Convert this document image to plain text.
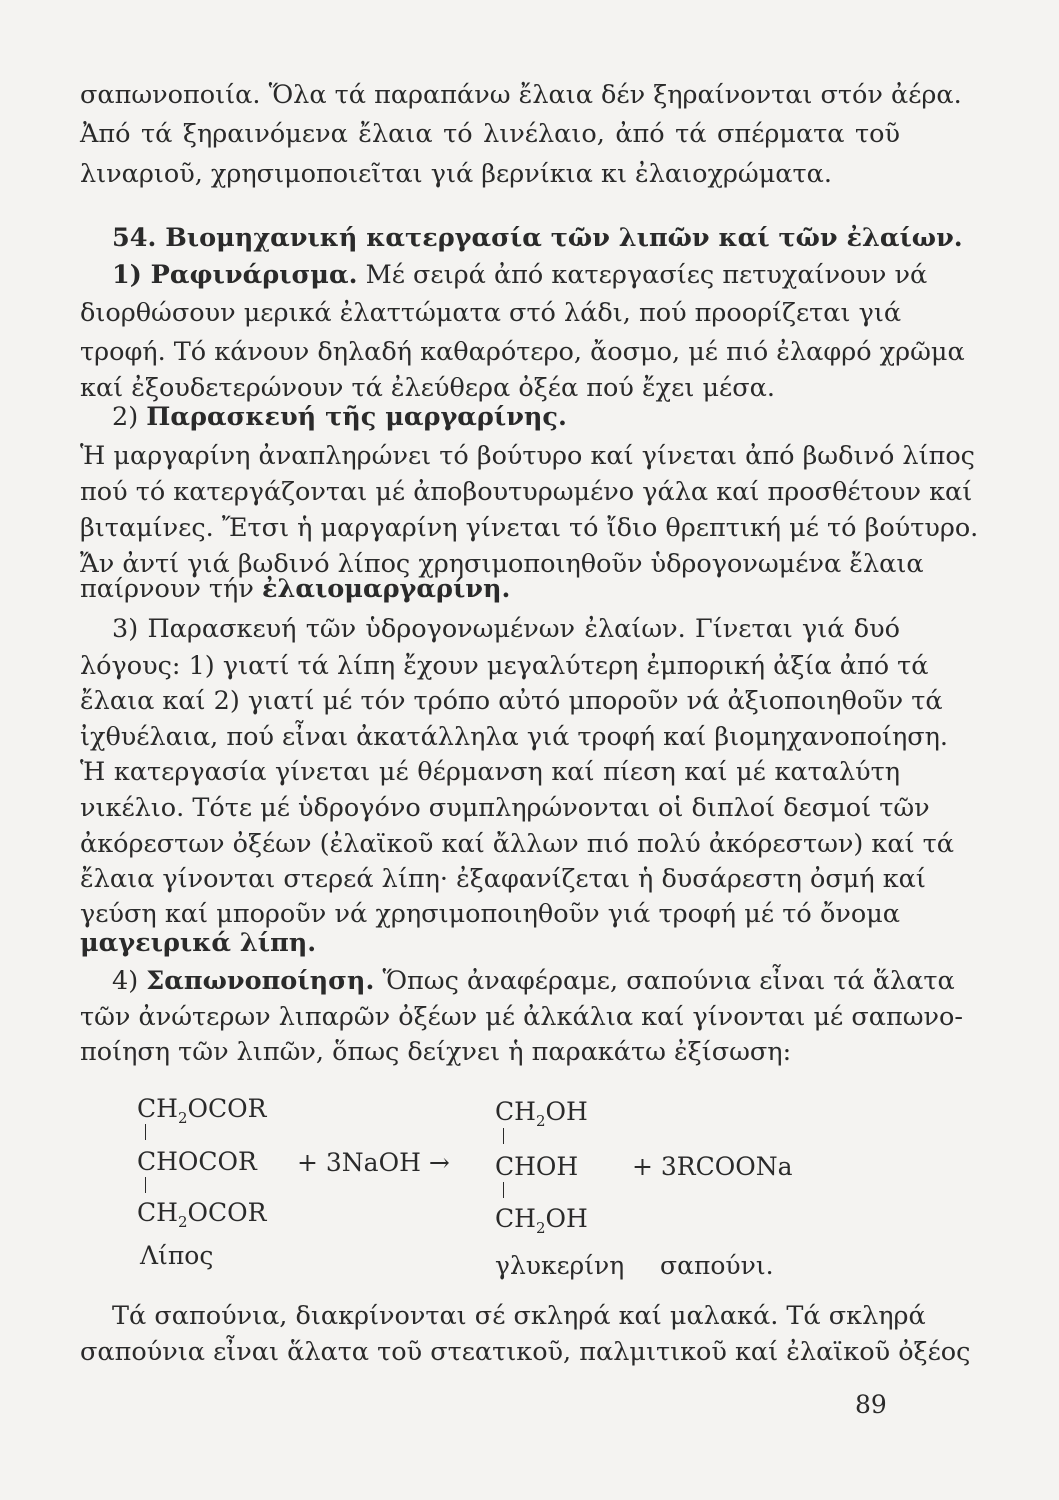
σαπωνοποιία. Ὅλα τά παραπάνω ἔλαια δέν ξηραίνονται στόν ἀέρα.
Ἀπό τά ξηραινόμενα ἔλαια τό λινέλαιο, ἀπό τά σπέρματα τοῦ
λιναριοῦ, χρησιμοποιεῖται γιά βερνίκια κι ἐλαιοχρώματα.
54. Βιομηχανική κατεργασία τῶν λιπῶν καί τῶν ἐλαίων.
1) Ραφινάρισμα. Μέ σειρά ἀπό κατεργασίες πετυχαίνουν νά
διορθώσουν μερικά ἐλαττώματα στό λάδι, πού προορίζεται γιά
τροφή. Τό κάνουν δηλαδή καθαρότερο, ἄοσμο, μέ πιό ἐλαφρό χρῶμα
καί ἐξουδετερώνουν τά ἐλεύθερα ὀξέα πού ἔχει μέσα.
2) Παρασκευή τῆς μαργαρίνης.
Ἡ μαργαρίνη ἀναπληρώνει τό βούτυρο καί γίνεται ἀπό βωδινό λίπος
πού τό κατεργάζονται μέ ἀποβουτυρωμένο γάλα καί προσθέτουν καί
βιταμίνες. Ἔτσι ἡ μαργαρίνη γίνεται τό ἴδιο θρεπτική μέ τό βούτυρο.
Ἄν ἀντί γιά βωδινό λίπος χρησιμοποιηθοῦν ὑδρογονωμένα ἔλαια
παίρνουν τήν ἐλαιομαργαρίνη.
3) Παρασκευή τῶν ὑδρογονωμένων ἐλαίων. Γίνεται γιά δυό
λόγους: 1) γιατί τά λίπη ἔχουν μεγαλύτερη ἐμπορική ἀξία ἀπό τά
ἔλαια καί 2) γιατί μέ τόν τρόπο αὐτό μποροῦν νά ἀξιοποιηθοῦν τά
ἰχθυέλαια, πού εἶναι ἀκατάλληλα γιά τροφή καί βιομηχανοποίηση.
Ἡ κατεργασία γίνεται μέ θέρμανση καί πίεση καί μέ καταλύτη
νικέλιο. Τότε μέ ὑδρογόνο συμπληρώνονται οἱ διπλοί δεσμοί τῶν
ἀκόρεστων ὀξέων (ἐλαϊκοῦ καί ἄλλων πιό πολύ ἀκόρεστων) καί τά
ἔλαια γίνονται στερεά λίπη· ἐξαφανίζεται ἡ δυσάρεστη ὀσμή καί
γεύση καί μποροῦν νά χρησιμοποιηθοῦν γιά τροφή μέ τό ὄνομα
μαγειρικά λίπη.
4) Σαπωνοποίηση. Ὅπως ἀναφέραμε, σαπούνια εἶναι τά ἅλατα
τῶν ἀνώτερων λιπαρῶν ὀξέων μέ ἀλκάλια καί γίνονται μέ σαπωνο-
ποίηση τῶν λιπῶν, ὅπως δείχνει ἡ παρακάτω ἐξίσωση:
$CH_2OCOR$
CHOCOR
$CH_2OCOR$
+ 3NaOH →
$CH_2OH$
CHOH
$CH_2OH$
+ 3RCOONa
Λίπος	γλυκερίνη σαπούνι.
Τά σαπούνια, διακρίνονται σέ σκληρά καί μαλακά. Τά σκληρά
σαπούνια εἶναι ἅλατα τοῦ στεατικοῦ, παλμιτικοῦ καί ἐλαϊκοῦ ὀξέος
89
